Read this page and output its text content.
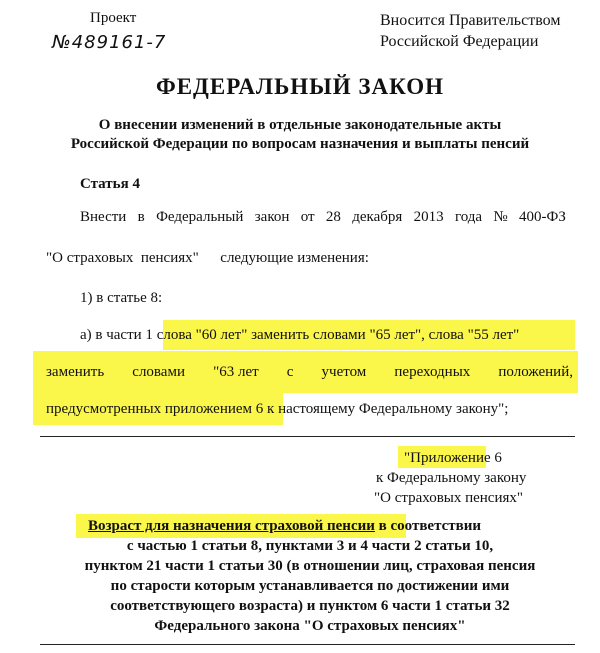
Проект
№489161-7
Вносится Правительством
Российской Федерации
ФЕДЕРАЛЬНЫЙ ЗАКОН
О внесении изменений в отдельные законодательные акты
Российской Федерации по вопросам назначения и выплаты пенсий
Статья 4
Внести в Федеральный закон от 28 декабря 2013 года № 400-ФЗ
"О страховых  пенсиях" следующие изменения:
1) в статье 8:
а) в части 1 слова "60 лет" заменить словами "65 лет", слова "55 лет"
заменить словами "63 лет с учетом переходных положений,
предусмотренных приложением 6 к настоящему Федеральному закону";
"Приложение 6
к Федеральному закону
"О страховых пенсиях"
Возраст для назначения страховой пенсии в соответствии
с частью 1 статьи 8, пунктами 3 и 4 части 2 статьи 10,
пунктом 21 части 1 статьи 30 (в отношении лиц, страховая пенсия
по старости которым устанавливается по достижении ими
соответствующего возраста) и пунктом 6 части 1 статьи 32
Федерального закона "О страховых пенсиях"
